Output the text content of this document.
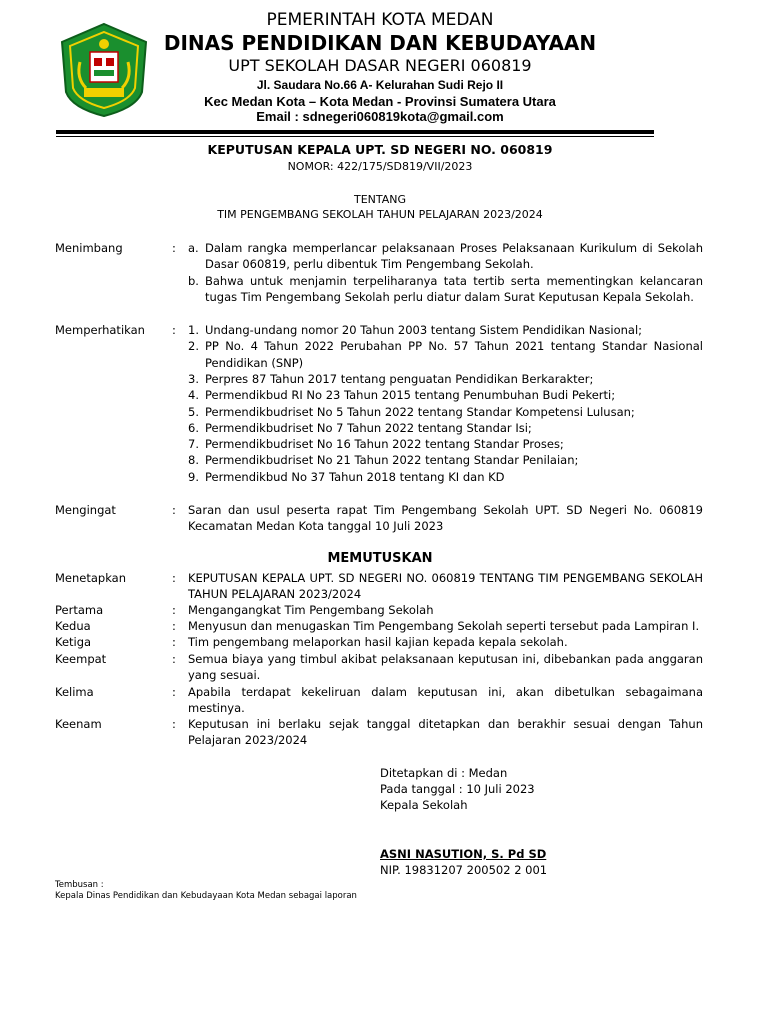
PEMERINTAH KOTA MEDAN
DINAS PENDIDIKAN DAN KEBUDAYAAN
UPT SEKOLAH DASAR NEGERI 060819
Jl. Saudara No.66 A- Kelurahan Sudi Rejo II
Kec Medan Kota – Kota Medan - Provinsi Sumatera Utara
Email : sdnegeri060819kota@gmail.com
KEPUTUSAN KEPALA UPT. SD NEGERI NO. 060819
NOMOR: 422/175/SD819/VII/2023
TENTANG
TIM PENGEMBANG SEKOLAH TAHUN PELAJARAN 2023/2024
Menimbang	:	a. Dalam rangka memperlancar pelaksanaan Proses Pelaksanaan Kurikulum di Sekolah
Dasar 060819, perlu dibentuk Tim Pengembang Sekolah.
b. Bahwa untuk menjamin terpeliharanya tata tertib serta mementingkan kelancaran
tugas Tim Pengembang Sekolah perlu diatur dalam Surat Keputusan Kepala Sekolah.
Memperhatikan	:	1. Undang-undang nomor 20 Tahun 2003 tentang Sistem Pendidikan Nasional;
2. PP No. 4 Tahun 2022 Perubahan PP No. 57 Tahun 2021 tentang Standar Nasional
Pendidikan (SNP)
3. Perpres 87 Tahun 2017 tentang penguatan Pendidikan Berkarakter;
4. Permendikbud RI No 23 Tahun 2015 tentang Penumbuhan Budi Pekerti;
5. Permendikbudriset No 5 Tahun 2022 tentang Standar Kompetensi Lulusan;
6. Permendikbudriset No 7 Tahun 2022 tentang Standar Isi;
7. Permendikbudriset No 16 Tahun 2022 tentang Standar Proses;
8. Permendikbudriset No 21 Tahun 2022 tentang Standar Penilaian;
9. Permendikbud No 37 Tahun 2018 tentang KI dan KD
Mengingat	:	Saran dan usul peserta rapat Tim Pengembang Sekolah UPT. SD Negeri No. 060819
Kecamatan Medan Kota tanggal 10 Juli 2023
Menetapkan	:	KEPUTUSAN KEPALA UPT. SD NEGERI NO. 060819 TENTANG TIM PENGEMBANG SEKOLAH
TAHUN PELAJARAN 2023/2024
Pertama	:	Mengangangkat Tim Pengembang Sekolah
Kedua	:	Menyusun dan menugaskan Tim Pengembang Sekolah seperti tersebut pada Lampiran I.
Ketiga	:	Tim pengembang melaporkan hasil kajian kepada kepala sekolah.
Keempat	:	Semua biaya yang timbul akibat pelaksanaan keputusan ini, dibebankan pada anggaran
yang sesuai.
Kelima	:	Apabila terdapat kekeliruan dalam keputusan ini, akan dibetulkan sebagaimana
mestinya.
Keenam	:	Keputusan ini berlaku sejak tanggal ditetapkan dan berakhir sesuai dengan Tahun
Pelajaran 2023/2024
MEMUTUSKAN
Ditetapkan di : Medan
Pada tanggal : 10 Juli 2023
Kepala Sekolah
ASNI NASUTION, S. Pd SD
NIP. 19831207 200502 2 001
Tembusan :
Kepala Dinas Pendidikan dan Kebudayaan Kota Medan sebagai laporan
